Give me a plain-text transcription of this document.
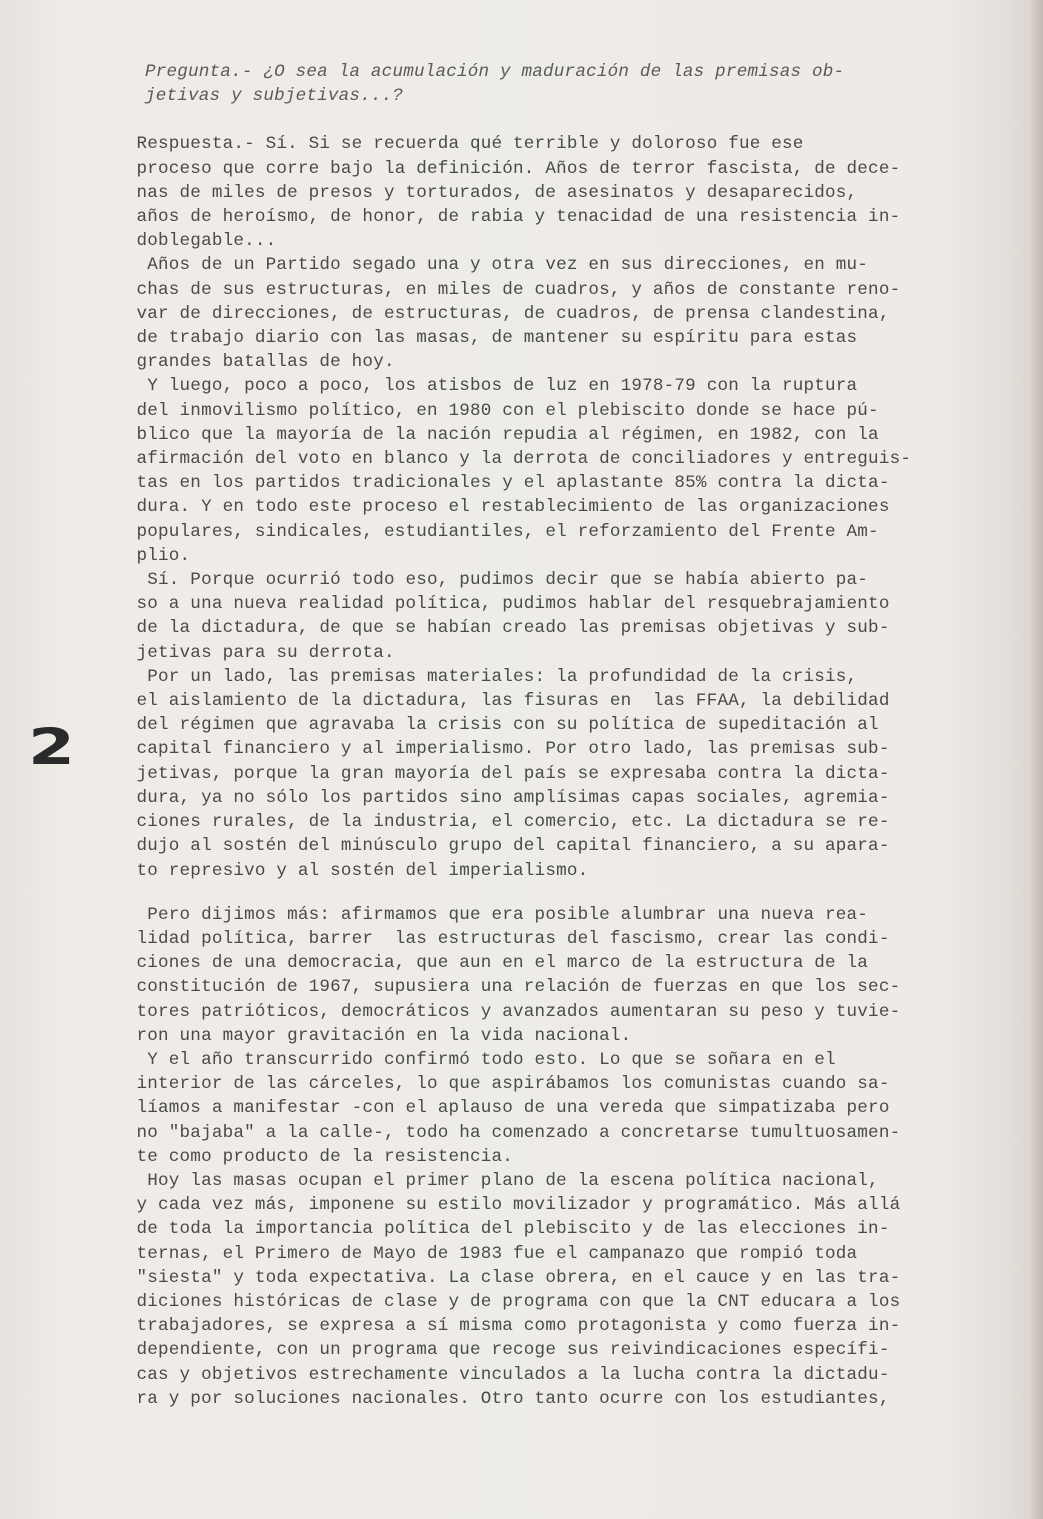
Pregunta.- ¿O sea la acumulación y maduración de las premisas ob-

jetivas y subjetivas...?

Respuesta.- Sí. Si se recuerda qué terrible y doloroso fue ese

proceso que corre bajo la definición. Años de terror fascista, de dece-

nas de miles de presos y torturados, de asesinatos y desaparecidos,

años de heroísmo, de honor, de rabia y tenacidad de una resistencia in-

doblegable...

Años de un Partido segado una y otra vez en sus direcciones, en mu-

chas de sus estructuras, en miles de cuadros, y años de constante reno-

var de direcciones, de estructuras, de cuadros, de prensa clandestina,

de trabajo diario con las masas, de mantener su espíritu para estas

grandes batallas de hoy.

Y luego, poco a poco, los atisbos de luz en 1978-79 con la ruptura

del inmovilismo político, en 1980 con el plebiscito donde se hace pú-

blico que la mayoría de la nación repudia al régimen, en 1982, con la

afirmación del voto en blanco y la derrota de conciliadores y entreguis-

tas en los partidos tradicionales y el aplastante 85% contra la dicta-

dura. Y en todo este proceso el restablecimiento de las organizaciones

populares, sindicales, estudiantiles, el reforzamiento del Frente Am-

plio.

Sí. Porque ocurrió todo eso, pudimos decir que se había abierto pa-

so a una nueva realidad política, pudimos hablar del resquebrajamiento

de la dictadura, de que se habían creado las premisas objetivas y sub-

jetivas para su derrota.

Por un lado, las premisas materiales: la profundidad de la crisis,

el aislamiento de la dictadura, las fisuras en  las FFAA, la debilidad

del régimen que agravaba la crisis con su política de supeditación al

capital financiero y al imperialismo. Por otro lado, las premisas sub-

jetivas, porque la gran mayoría del país se expresaba contra la dicta-

dura, ya no sólo los partidos sino amplísimas capas sociales, agremia-

ciones rurales, de la industria, el comercio, etc. La dictadura se re-

dujo al sostén del minúsculo grupo del capital financiero, a su apara-

to represivo y al sostén del imperialismo.

Pero dijimos más: afirmamos que era posible alumbrar una nueva rea-

lidad política, barrer  las estructuras del fascismo, crear las condi-

ciones de una democracia, que aun en el marco de la estructura de la

constitución de 1967, supusiera una relación de fuerzas en que los sec-

tores patrióticos, democráticos y avanzados aumentaran su peso y tuvie-

ron una mayor gravitación en la vida nacional.

Y el año transcurrido confirmó todo esto. Lo que se soñara en el

interior de las cárceles, lo que aspirábamos los comunistas cuando sa-

líamos a manifestar -con el aplauso de una vereda que simpatizaba pero

no "bajaba" a la calle-, todo ha comenzado a concretarse tumultuosamen-

te como producto de la resistencia.

Hoy las masas ocupan el primer plano de la escena política nacional,

y cada vez más, imponene su estilo movilizador y programático. Más allá

de toda la importancia política del plebiscito y de las elecciones in-

ternas, el Primero de Mayo de 1983 fue el campanazo que rompió toda

"siesta" y toda expectativa. La clase obrera, en el cauce y en las tra-

diciones históricas de clase y de programa con que la CNT educara a los

trabajadores, se expresa a sí misma como protagonista y como fuerza in-

dependiente, con un programa que recoge sus reivindicaciones específi-

cas y objetivos estrechamente vinculados a la lucha contra la dictadu-

ra y por soluciones nacionales. Otro tanto ocurre con los estudiantes,

2
